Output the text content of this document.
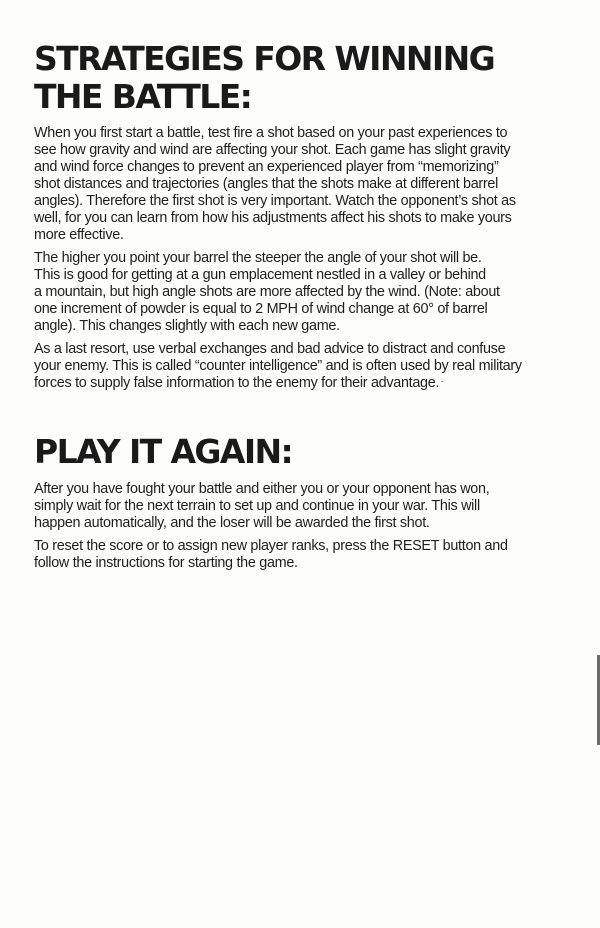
STRATEGIES FOR WINNING
THE BATTLE:

When you first start a battle, test fire a shot based on your past experiences to
see how gravity and wind are affecting your shot. Each game has slight gravity
and wind force changes to prevent an experienced player from “memorizing”
shot distances and trajectories (angles that the shots make at different barrel
angles). Therefore the first shot is very important. Watch the opponent’s shot as
well, for you can learn from how his adjustments affect his shots to make yours
more effective.

The higher you point your barrel the steeper the angle of your shot will be.
This is good for getting at a gun emplacement nestled in a valley or behind
a mountain, but high angle shots are more affected by the wind. (Note: about
one increment of powder is equal to 2 MPH of wind change at 60° of barrel
angle). This changes slightly with each new game.

As a last resort, use verbal exchanges and bad advice to distract and confuse
your enemy. This is called “counter intelligence” and is often used by real military
forces to supply false information to the enemy for their advantage.

PLAY IT AGAIN:

After you have fought your battle and either you or your opponent has won,
simply wait for the next terrain to set up and continue in your war. This will
happen automatically, and the loser will be awarded the first shot.

To reset the score or to assign new player ranks, press the RESET button and
follow the instructions for starting the game.
